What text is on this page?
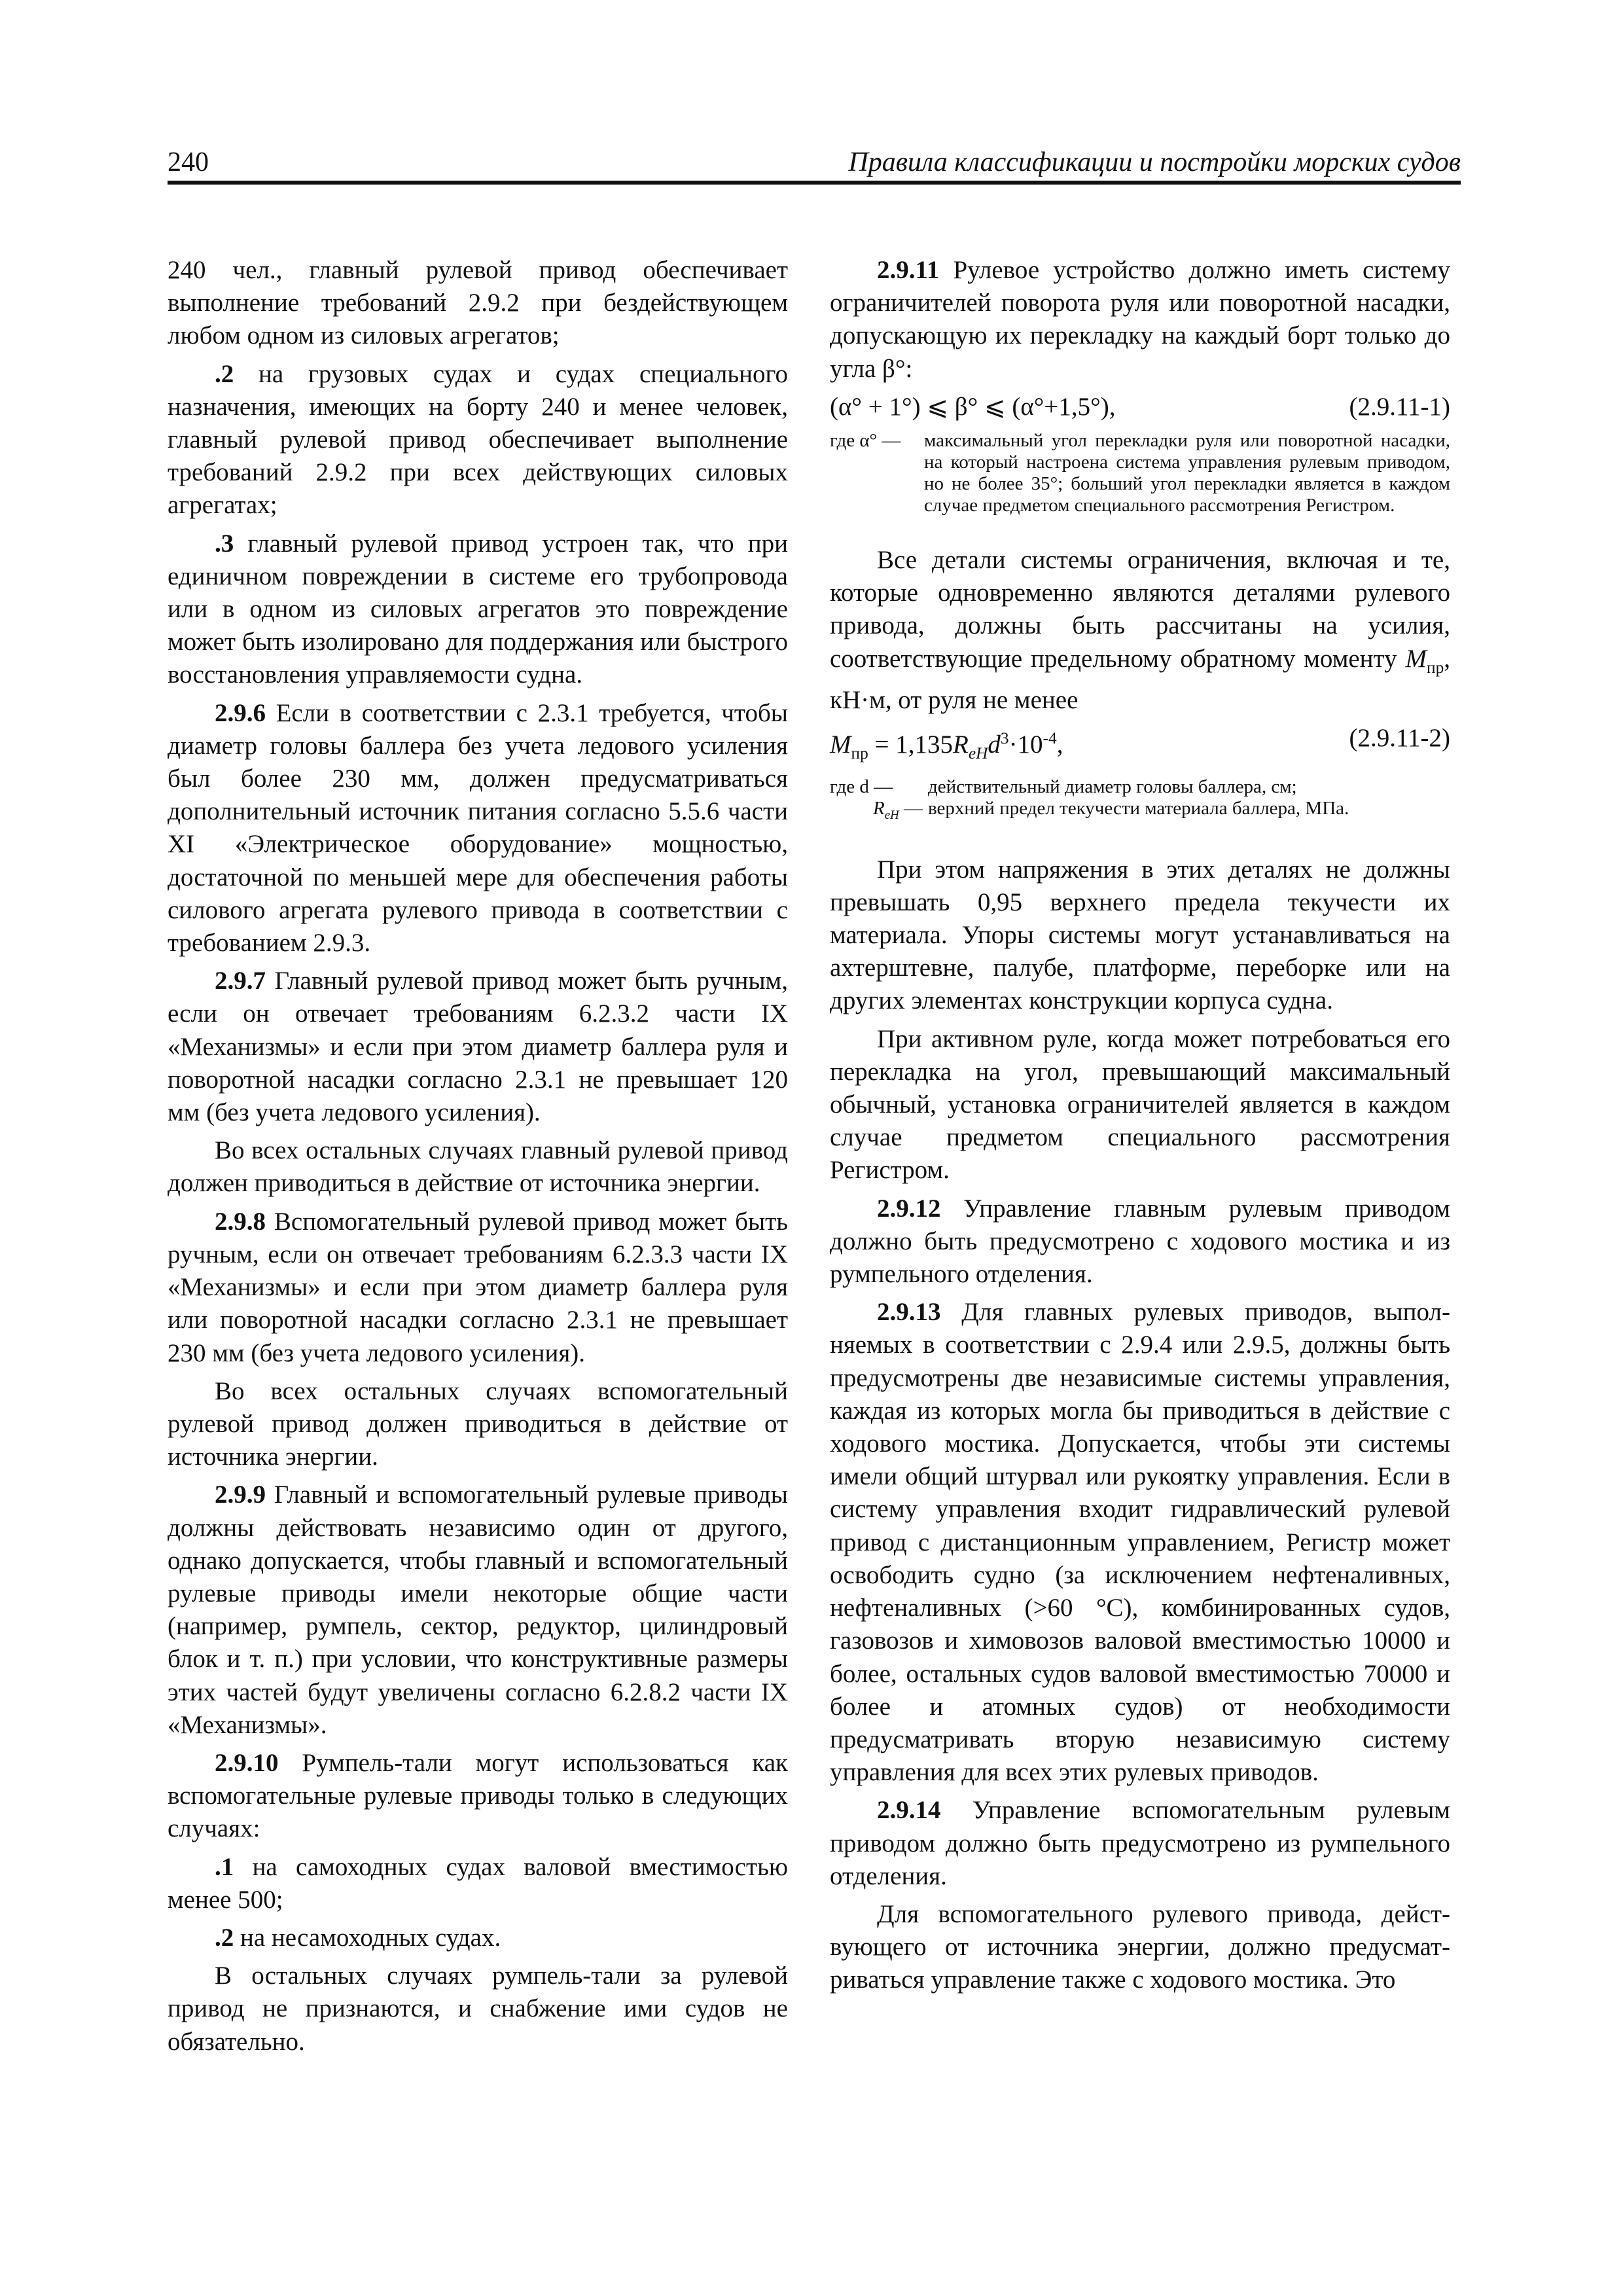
240	Правила классификации и постройки морских судов

240 чел., главный рулевой привод обеспечивает выполнение требований 2.9.2 при бездействующем любом одном из силовых агрегатов;

.2 на грузовых судах и судах специального назначения, имеющих на борту 240 и менее человек, главный рулевой привод обеспечивает выполнение требований 2.9.2 при всех действующих силовых агрегатах;

.3 главный рулевой привод устроен так, что при единичном повреждении в системе его трубопровода или в одном из силовых агрегатов это повреждение может быть изолировано для поддержания или быстрого восстановления управляемости судна.

2.9.6 Если в соответствии с 2.3.1 требуется, чтобы диаметр головы баллера без учета ледового усиления был более 230 мм, должен предусматриваться дополнительный источник питания согласно 5.5.6 части XI «Электрическое оборудование» мощностью, достаточной по меньшей мере для обеспечения работы силового агрегата рулевого привода в соответствии с требованием 2.9.3.

2.9.7 Главный рулевой привод может быть ручным, если он отвечает требованиям 6.2.3.2 части IX «Механизмы» и если при этом диаметр баллера руля и поворотной насадки согласно 2.3.1 не превышает 120 мм (без учета ледового усиления).

Во всех остальных случаях главный рулевой привод должен приводиться в действие от источника энергии.

2.9.8 Вспомогательный рулевой привод может быть ручным, если он отвечает требованиям 6.2.3.3 части IX «Механизмы» и если при этом диаметр баллера руля или поворотной насадки согласно 2.3.1 не превышает 230 мм (без учета ледового усиления).

Во всех остальных случаях вспомогательный рулевой привод должен приводиться в действие от источника энергии.

2.9.9 Главный и вспомогательный рулевые приводы должны действовать независимо один от другого, однако допускается, чтобы главный и вспомогательный рулевые приводы имели некоторые общие части (например, румпель, сектор, редуктор, цилиндровый блок и т. п.) при условии, что конструктивные размеры этих частей будут увеличены согласно 6.2.8.2 части IX «Механизмы».

2.9.10 Румпель-тали могут использоваться как вспомогательные рулевые приводы только в следующих случаях:

.1 на самоходных судах валовой вместимостью менее 500;

.2 на несамоходных судах.

В остальных случаях румпель-тали за рулевой привод не признаются, и снабжение ими судов не обязательно.

2.9.11 Рулевое устройство должно иметь систему ограничителей поворота руля или поворотной насадки, допускающую их перекладку на каждый борт только до угла β°:

(α° + 1°) ⩽ β° ⩽ (α°+1,5°),	(2.9.11-1)
где α° —	максимальный угол перекладки руля или поворотной насадки, на который настроена система управления рулевым приводом, но не более 35°; больший угол перекладки является в каждом случае предметом специального рассмотрения Регистром.

Все детали системы ограничения, включая и те, которые одновременно являются деталями рулевого привода, должны быть рассчитаны на усилия, соответствующие предельному обратному моменту $M_{пр}$, кН·м, от руля не менее

$M_{пр} = 1,135R_{eH}d^3\cdot 10^{-4}$,	(2.9.11-2)
где d —	действительный диаметр головы баллера, см;
$R_{eH}$ — верхний предел текучести материала баллера, МПа.

При этом напряжения в этих деталях не должны превышать 0,95 верхнего предела текучести их материала. Упоры системы могут устанавливаться на ахтерштевне, палубе, платформе, переборке или на других элементах конструкции корпуса судна.

При активном руле, когда может потребоваться его перекладка на угол, превышающий максимальный обычный, установка ограничителей является в каждом случае предметом специального рассмотрения Регистром.

2.9.12 Управление главным рулевым приводом должно быть предусмотрено с ходового мостика и из румпельного отделения.

2.9.13 Для главных рулевых приводов, выполняемых в соответствии с 2.9.4 или 2.9.5, должны быть предусмотрены две независимые системы управления, каждая из которых могла бы приводиться в действие с ходового мостика. Допускается, чтобы эти системы имели общий штурвал или рукоятку управления. Если в систему управления входит гидравлический рулевой привод с дистанционным управлением, Регистр может освободить судно (за исключением нефтеналивных, нефтеналивных (>60 °С), комбинированных судов, газовозов и химовозов валовой вместимостью 10000 и более, остальных судов валовой вместимостью 70000 и более и атомных судов) от необходимости предусматривать вторую независимую систему управления для всех этих рулевых приводов.

2.9.14 Управление вспомогательным рулевым приводом должно быть предусмотрено из румпельного отделения.

Для вспомогательного рулевого привода, действующего от источника энергии, должно предусматриваться управление также с ходового мостика. Это
